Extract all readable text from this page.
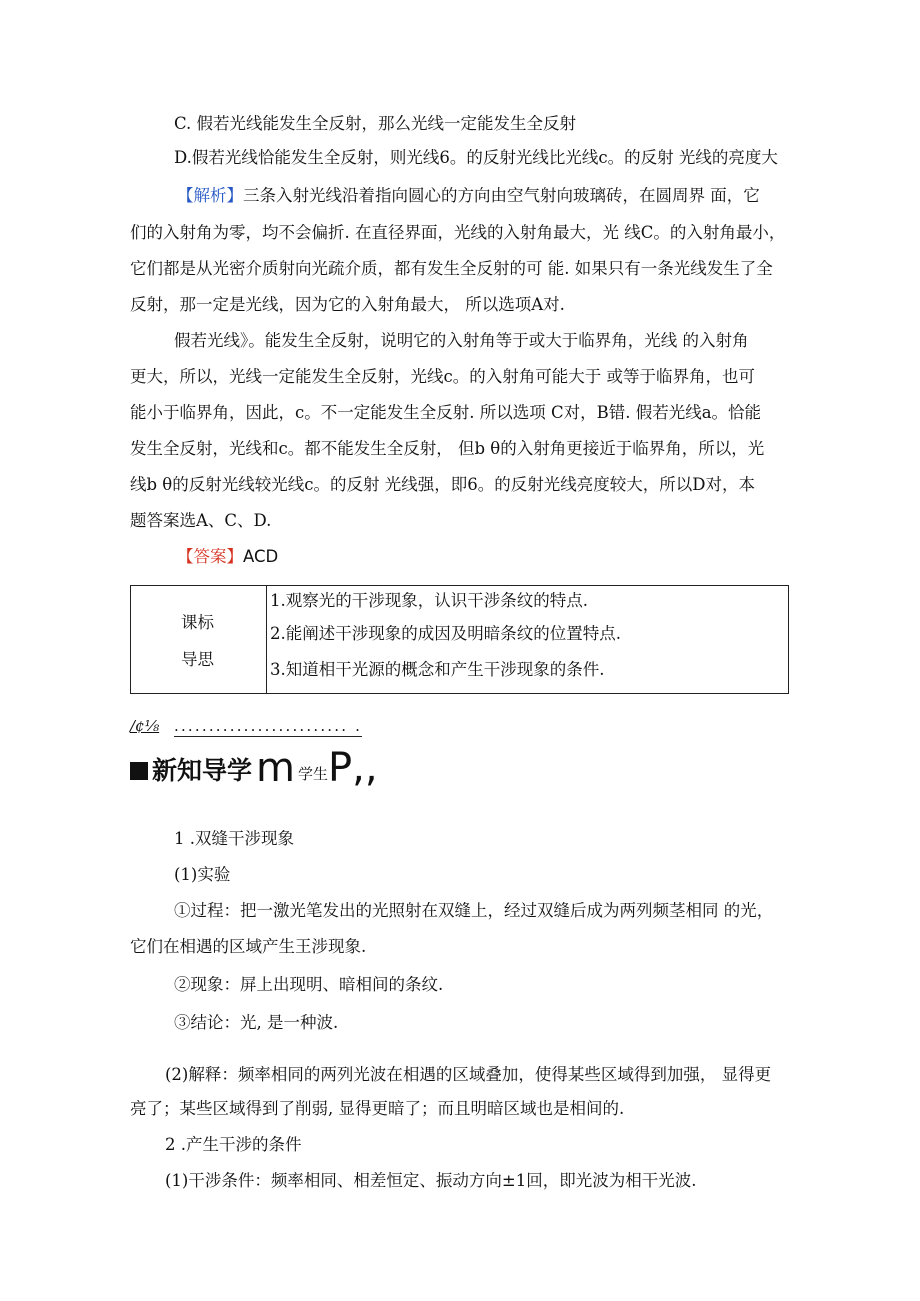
C. 假若光线能发生全反射，那么光线一定能发生全反射
D.假若光线恰能发生全反射，则光线6。的反射光线比光线c。的反射 光线的亮度大
【解析】三条入射光线沿着指向圆心的方向由空气射向玻璃砖，在圆周界 面，它
们的入射角为零，均不会偏折. 在直径界面，光线的入射角最大，光 线C。的入射角最小，
它们都是从光密介质射向光疏介质，都有发生全反射的可 能. 如果只有一条光线发生了全
反射，那一定是光线，因为它的入射角最大， 所以选项A对.
假若光线》。能发生全反射，说明它的入射角等于或大于临界角，光线 的入射角
更大，所以，光线一定能发生全反射，光线c。的入射角可能大于 或等于临界角，也可
能小于临界角，因此，c。不一定能发生全反射. 所以选项 C对，B错. 假若光线a。恰能
发生全反射，光线和c。都不能发生全反射， 但b θ的入射角更接近于临界角，所以，光
线b θ的反射光线较光线c。的反射 光线强，即6。的反射光线亮度较大，所以D对，本
题答案选A、C、D.
【答案】ACD
课标
导思
1.观察光的干涉现象，认识干涉条纹的特点.
2.能阐述干涉现象的成因及明暗条纹的位置特点.
3.知道相干光源的概念和产生干涉现象的条件.
/¢⅛ ......................... .
新知导学 m 学生 P,,
1 .双缝干涉现象
(1)实验
①过程：把一激光笔发出的光照射在双缝上，经过双缝后成为两列频茎相同 的光，
它们在相遇的区域产生王涉现象.
②现象：屏上出现明、暗相间的条纹.
③结论：光, 是一种波.
(2)解释：频率相同的两列光波在相遇的区域叠加，使得某些区域得到加强， 显得更
亮了；某些区域得到了削弱, 显得更暗了；而且明暗区域也是相间的.
2 .产生干涉的条件
(1)干涉条件：频率相同、相差恒定、振动方向±1回，即光波为相干光波.
